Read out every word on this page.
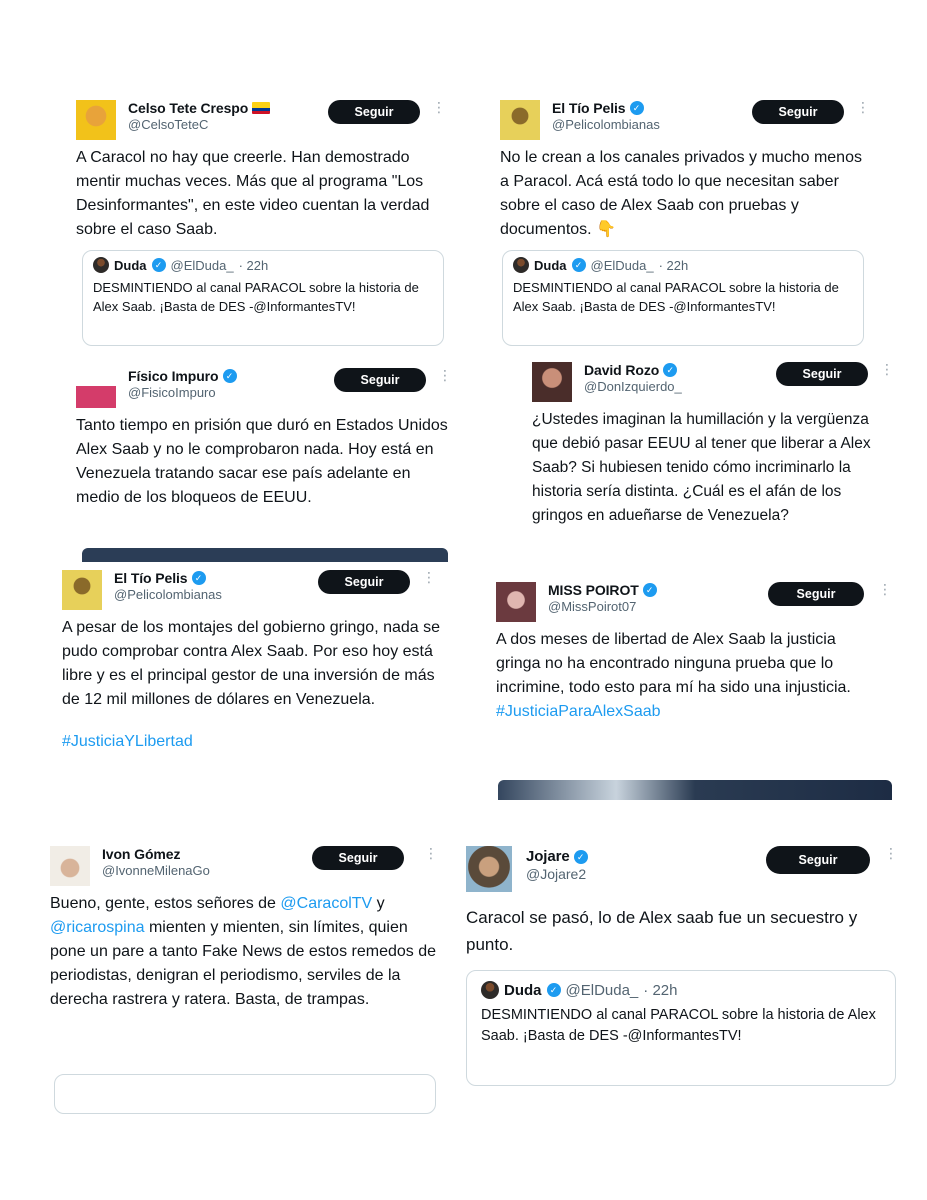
Celso Tete Crespo
@CelsoTeteC
Seguir	⋮
A Caracol no hay que creerle. Han demostrado mentir muchas veces. Más que al programa "Los Desinformantes", en este video cuentan la verdad sobre el caso Saab.
Duda ✓ @ElDuda_ · 22h
DESMINTIENDO al canal PARACOL sobre la historia de Alex Saab. ¡Basta de DES -@InformantesTV!
El Tío Pelis ✓
@Pelicolombianas
Seguir	⋮
No le crean a los canales privados y mucho menos a Paracol. Acá está todo lo que necesitan saber sobre el caso de Alex Saab con pruebas y documentos. 👇
Duda ✓ @ElDuda_ · 22h
DESMINTIENDO al canal PARACOL sobre la historia de Alex Saab. ¡Basta de DES -@InformantesTV!
Físico Impuro ✓
@FisicoImpuro
Seguir	⋮
Tanto tiempo en prisión que duró en Estados Unidos Alex Saab y no le comprobaron nada. Hoy está en Venezuela tratando sacar ese país adelante en medio de los bloqueos de EEUU.
David Rozo ✓
@DonIzquierdo_
Seguir	⋮
¿Ustedes imaginan la humillación y la vergüenza que debió pasar EEUU al tener que liberar a Alex Saab? Si hubiesen tenido cómo incriminarlo la historia sería distinta. ¿Cuál es el afán de los gringos en adueñarse de Venezuela?
El Tío Pelis ✓
@Pelicolombianas
Seguir	⋮
A pesar de los montajes del gobierno gringo, nada se pudo comprobar contra Alex Saab. Por eso hoy está libre y es el principal gestor de una inversión de más de 12 mil millones de dólares en Venezuela.
#JusticiaYLibertad
MISS POIROT ✓
@MissPoirot07
Seguir	⋮
A dos meses de libertad de Alex Saab la justicia gringa no ha encontrado ninguna prueba que lo incrimine, todo esto para mí ha sido una injusticia.
#JusticiaParaAlexSaab
Ivon Gómez
@IvonneMilenaGo
Seguir	⋮
Bueno, gente, estos señores de @CaracolTV y @ricarospina mienten y mienten, sin límites, quien pone un pare a tanto Fake News de estos remedos de periodistas, denigran el periodismo, serviles de la derecha rastrera y ratera. Basta, de trampas.
Jojare ✓
@Jojare2
Seguir	⋮
Caracol se pasó, lo de Alex saab fue un secuestro y punto.
Duda ✓ @ElDuda_ · 22h
DESMINTIENDO al canal PARACOL sobre la historia de Alex Saab. ¡Basta de DES -@InformantesTV!
